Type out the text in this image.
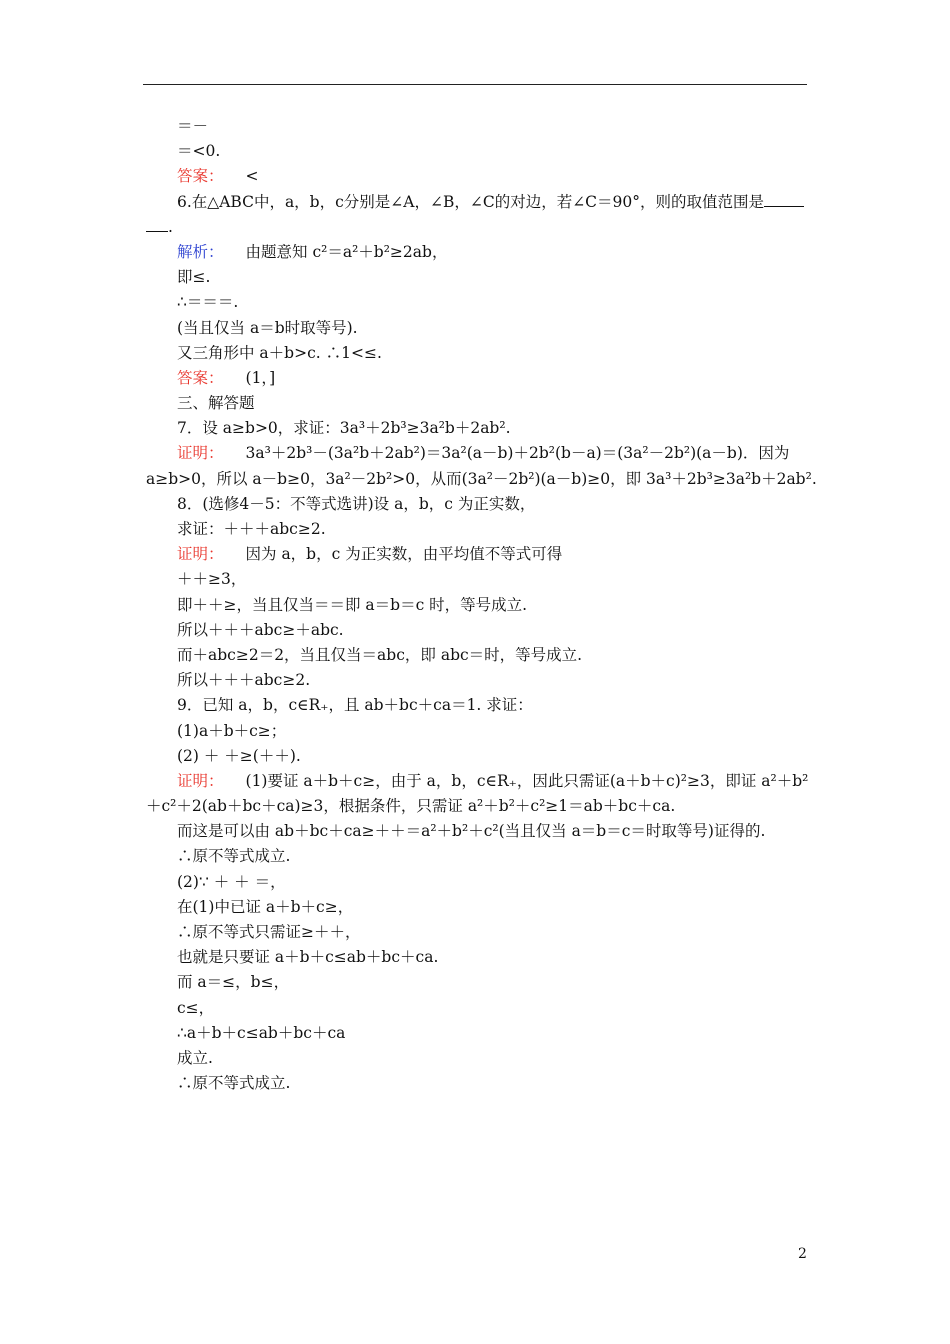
＝－
＝<0.
答案： <
6.在△ABC中，a，b，c分别是∠A，∠B，∠C的对边，若∠C＝90°，则的取值范围是
.
解析： 由题意知 c²＝a²＋b²≥2ab，
即≤.
∴＝＝＝.
(当且仅当 a＝b时取等号).
又三角形中 a＋b>c. ∴1<≤.
答案： (1，]
三、解答题
7．设 a≥b>0，求证：3a³＋2b³≥3a²b＋2ab².
证明： 3a³＋2b³－(3a²b＋2ab²)＝3a²(a－b)＋2b²(b－a)＝(3a²－2b²)(a－b)．因为
a≥b>0，所以 a－b≥0，3a²－2b²>0，从而(3a²－2b²)(a－b)≥0，即 3a³＋2b³≥3a²b＋2ab².
8．(选修4－5：不等式选讲)设 a，b，c 为正实数，
求证：＋＋＋abc≥2.
证明： 因为 a，b，c 为正实数，由平均值不等式可得
＋＋≥3，
即＋＋≥，当且仅当＝＝即 a＝b＝c 时，等号成立.
所以＋＋＋abc≥＋abc.
而＋abc≥2＝2，当且仅当＝abc，即 abc＝时，等号成立.
所以＋＋＋abc≥2.
9．已知 a，b，c∈R₊，且 ab＋bc＋ca＝1. 求证：
(1)a＋b＋c≥；
(2) ＋ ＋≥(＋＋).
证明： (1)要证 a＋b＋c≥，由于 a，b，c∈R₊，因此只需证(a＋b＋c)²≥3，即证 a²＋b²
＋c²＋2(ab＋bc＋ca)≥3，根据条件，只需证 a²＋b²＋c²≥1＝ab＋bc＋ca.
而这是可以由 ab＋bc＋ca≥＋＋＝a²＋b²＋c²(当且仅当 a＝b＝c＝时取等号)证得的.
∴原不等式成立.
(2)∵ ＋ ＋ ＝，
在(1)中已证 a＋b＋c≥，
∴原不等式只需证≥＋＋，
也就是只要证 a＋b＋c≤ab＋bc＋ca.
而 a＝≤，b≤，
c≤，
∴a＋b＋c≤ab＋bc＋ca
成立.
∴原不等式成立.
2
